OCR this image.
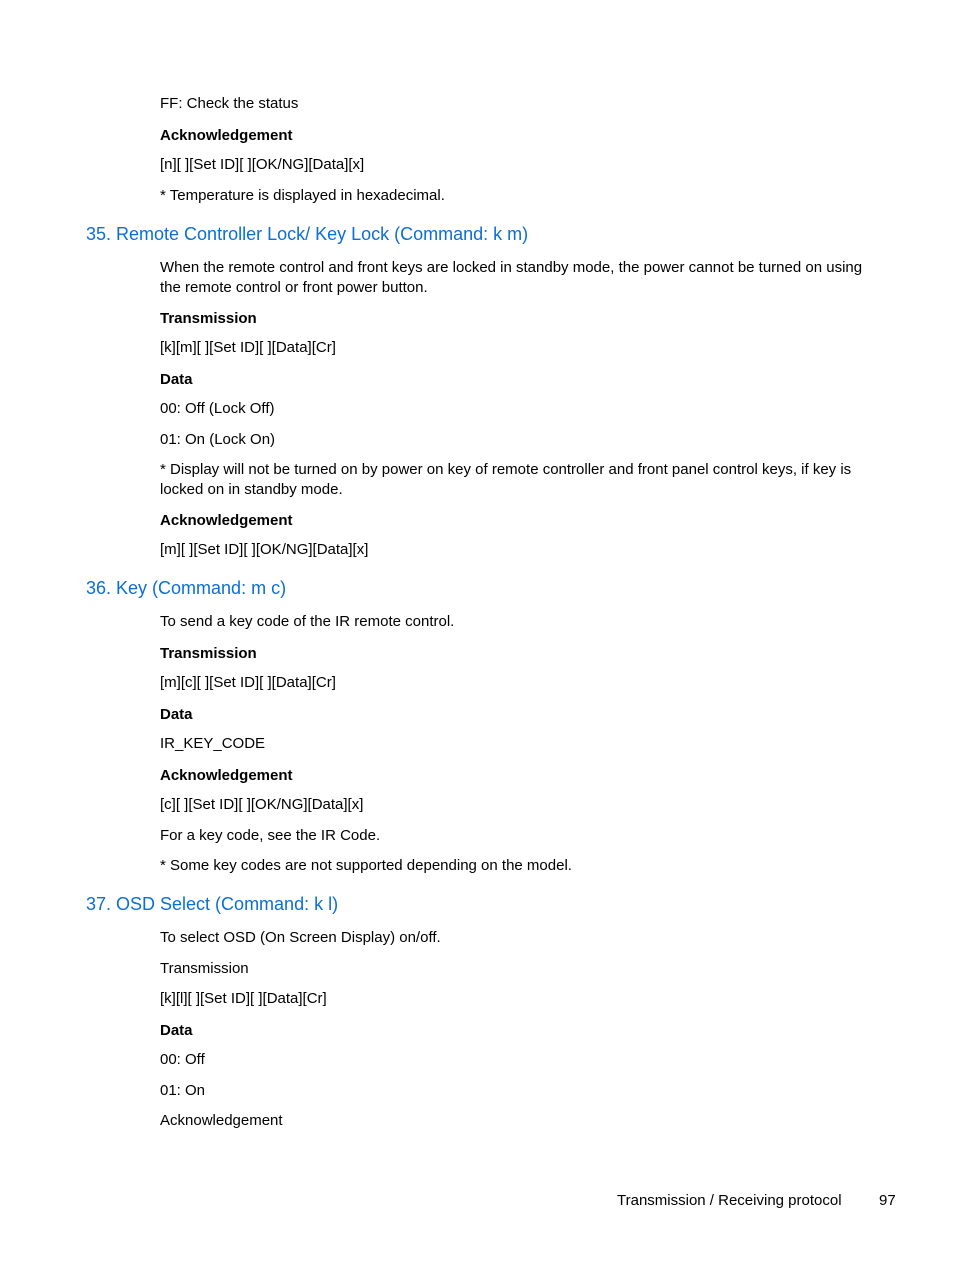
FF: Check the status

Acknowledgement

[n][ ][Set ID][ ][OK/NG][Data][x]

* Temperature is displayed in hexadecimal.

35. Remote Controller Lock/ Key Lock (Command: k m)

When the remote control and front keys are locked in standby mode, the power cannot be turned on using the remote control or front power button.

Transmission

[k][m][ ][Set ID][ ][Data][Cr]

Data

00: Off (Lock Off)

01: On (Lock On)

* Display will not be turned on by power on key of remote controller and front panel control keys, if key is locked on in standby mode.

Acknowledgement

[m][ ][Set ID][ ][OK/NG][Data][x]

36. Key (Command: m c)

To send a key code of the IR remote control.

Transmission

[m][c][ ][Set ID][ ][Data][Cr]

Data

IR_KEY_CODE

Acknowledgement

[c][ ][Set ID][ ][OK/NG][Data][x]

For a key code, see the IR Code.

* Some key codes are not supported depending on the model.

37. OSD Select (Command: k l)

To select OSD (On Screen Display) on/off.

Transmission

[k][l][ ][Set ID][ ][Data][Cr]

Data

00: Off

01: On

Acknowledgement

Transmission / Receiving protocol 97
